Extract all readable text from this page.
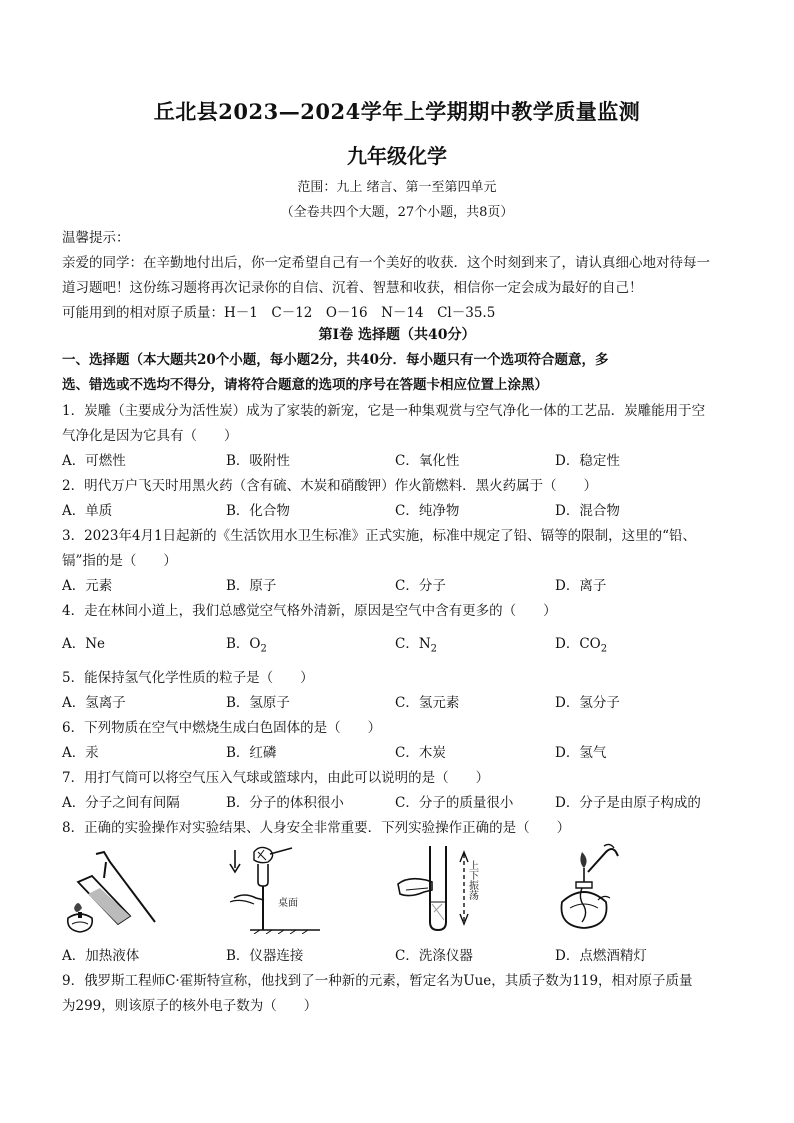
丘北县2023—2024学年上学期期中教学质量监测
九年级化学
范围：九上 绪言、第一至第四单元
（全卷共四个大题，27个小题，共8页）
温馨提示：
亲爱的同学：在辛勤地付出后，你一定希望自己有一个美好的收获．这个时刻到来了，请认真细心地对待每一
道习题吧！这份练习题将再次记录你的自信、沉着、智慧和收获，相信你一定会成为最好的自己！
可能用到的相对原子质量：H－1　C－12　O－16　N－14　Cl－35.5
第Ⅰ卷 选择题（共40分）
一、选择题（本大题共20个小题，每小题2分，共40分．每小题只有一个选项符合题意，多
选、错选或不选均不得分，请将符合题意的选项的序号在答题卡相应位置上涂黑）
1．炭雕（主要成分为活性炭）成为了家装的新宠，它是一种集观赏与空气净化一体的工艺品．炭雕能用于空
气净化是因为它具有（　　）
A．可燃性	B．吸附性	C．氧化性	D．稳定性
2．明代万户飞天时用黑火药（含有硫、木炭和硝酸钾）作火箭燃料．黑火药属于（　　）
A．单质	B．化合物	C．纯净物	D．混合物
3．2023年4月1日起新的《生活饮用水卫生标准》正式实施，标准中规定了铅、镉等的限制，这里的“铅、
镉”指的是（　　）
A．元素	B．原子	C．分子	D．离子
4．走在林间小道上，我们总感觉空气格外清新，原因是空气中含有更多的（　　）
A．Ne	B．$O_2$	C．$N_2$	D．$CO_2$
5．能保持氢气化学性质的粒子是（　　）
A．氢离子	B．氢原子	C．氢元素	D．氢分子
6．下列物质在空气中燃烧生成白色固体的是（　　）
A．汞	B．红磷	C．木炭	D．氢气
7．用打气筒可以将空气压入气球或篮球内，由此可以说明的是（　　）
A．分子之间有间隔	B．分子的体积很小	C．分子的质量很小	D．分子是由原子构成的
8．正确的实验操作对实验结果、人身安全非常重要．下列实验操作正确的是（　　）
桌面
上下振荡
A．加热液体	B．仪器连接	C．洗涤仪器	D．点燃酒精灯
9．俄罗斯工程师C·霍斯特宣称，他找到了一种新的元素，暂定名为Uue，其质子数为119，相对原子质量
为299，则该原子的核外电子数为（　　）
